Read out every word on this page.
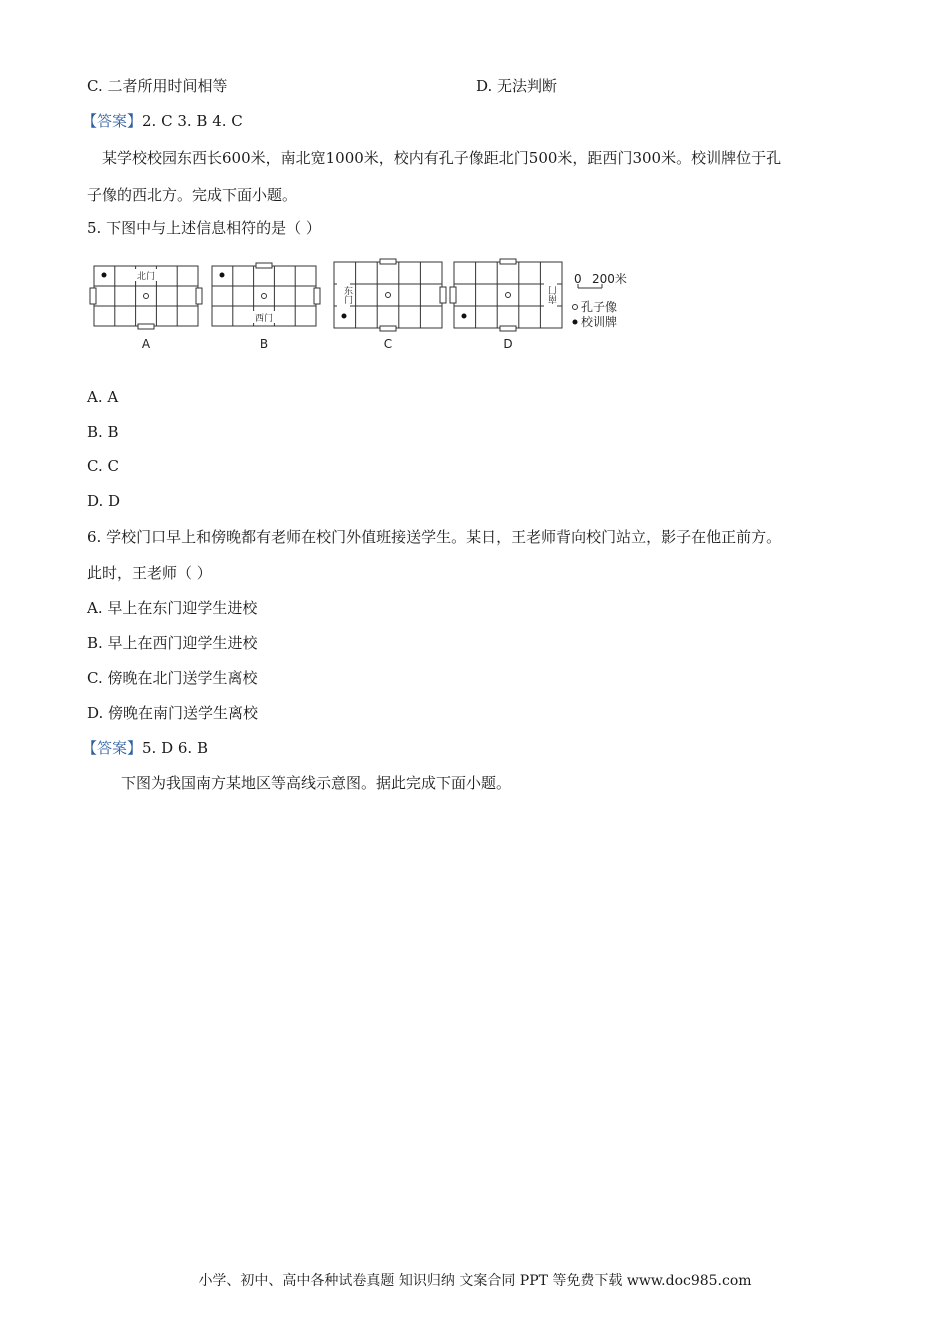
C. 二者所用时间相等	D. 无法判断
【答案】2. C 3. B 4. C
某学校校园东西长600米，南北宽1000米，校内有孔子像距北门500米，距西门300米。校训牌位于孔
子像的西北方。完成下面小题。
5. 下图中与上述信息相符的是（ ）
北门
西门
东门	南门
A	B	C	D
0 200米
孔子像
校训牌
A. A
B. B
C. C
D. D
6. 学校门口早上和傍晚都有老师在校门外值班接送学生。某日，王老师背向校门站立，影子在他正前方。
此时，王老师（ ）
A. 早上在东门迎学生进校
B. 早上在西门迎学生进校
C. 傍晚在北门送学生离校
D. 傍晚在南门送学生离校
【答案】5. D 6. B
下图为我国南方某地区等高线示意图。据此完成下面小题。
小学、初中、高中各种试卷真题 知识归纳 文案合同 PPT 等免费下载 www.doc985.com
